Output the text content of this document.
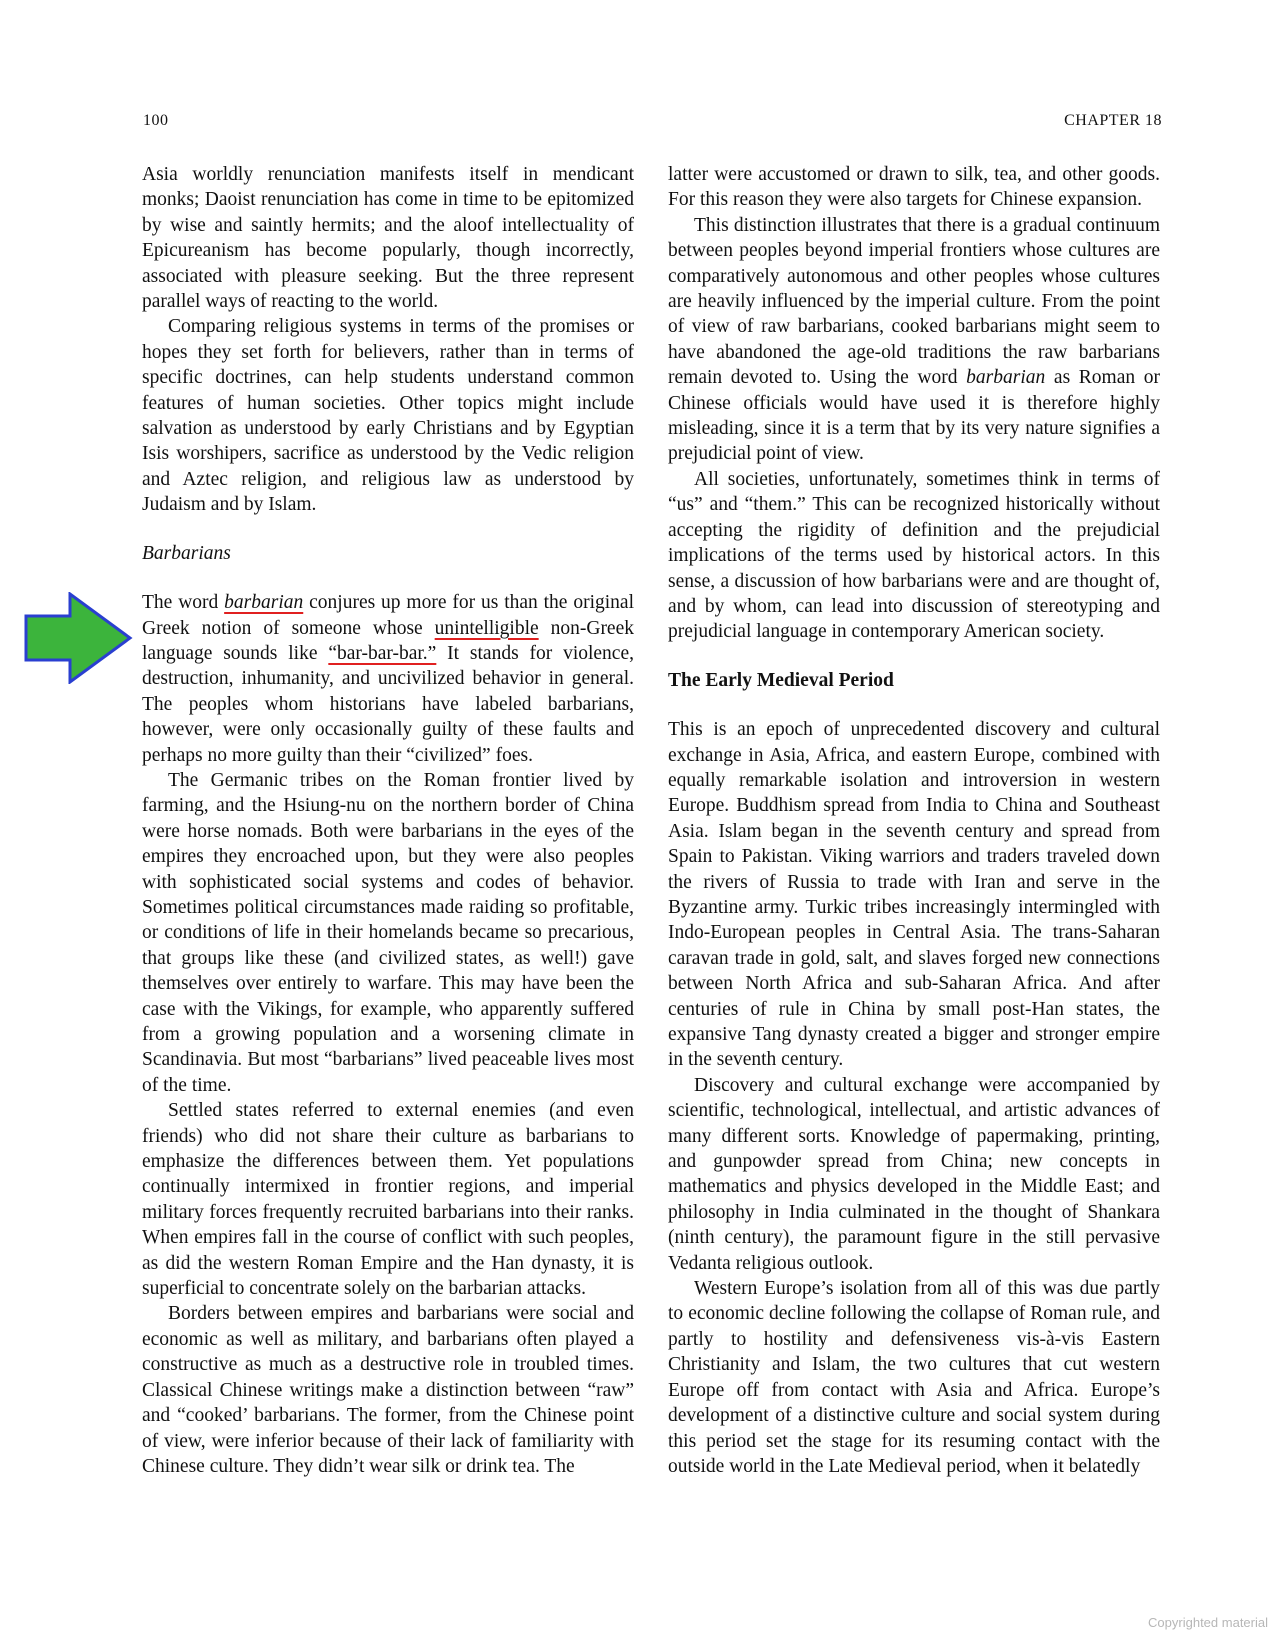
100	CHAPTER 18

Asia worldly renunciation manifests itself in mendicant monks; Daoist renunciation has come in time to be epitomized by wise and saintly hermits; and the aloof intellectuality of Epicureanism has become popularly, though incorrectly, associated with pleasure seeking. But the three represent parallel ways of reacting to the world.

Comparing religious systems in terms of the promises or hopes they set forth for believers, rather than in terms of specific doctrines, can help students understand common features of human societies. Other topics might include salvation as understood by early Christians and by Egyptian Isis worshipers, sacrifice as understood by the Vedic religion and Aztec religion, and religious law as understood by Judaism and by Islam.

Barbarians

The word barbarian conjures up more for us than the original Greek notion of someone whose unintelligible non-Greek language sounds like “bar-bar-bar.” It stands for violence, destruction, inhumanity, and uncivilized behavior in general. The peoples whom historians have labeled barbarians, however, were only occasionally guilty of these faults and perhaps no more guilty than their “civilized” foes.

The Germanic tribes on the Roman frontier lived by farming, and the Hsiung-nu on the northern border of China were horse nomads. Both were barbarians in the eyes of the empires they encroached upon, but they were also peoples with sophisticated social systems and codes of behavior. Sometimes political circumstances made raiding so profitable, or conditions of life in their homelands became so precarious, that groups like these (and civilized states, as well!) gave themselves over entirely to warfare. This may have been the case with the Vikings, for example, who apparently suffered from a growing population and a worsening climate in Scandinavia. But most “barbarians” lived peaceable lives most of the time.

Settled states referred to external enemies (and even friends) who did not share their culture as barbarians to emphasize the differences between them. Yet populations continually intermixed in frontier regions, and imperial military forces frequently recruited barbarians into their ranks. When empires fall in the course of conflict with such peoples, as did the western Roman Empire and the Han dynasty, it is superficial to concentrate solely on the barbarian attacks.

Borders between empires and barbarians were social and economic as well as military, and barbarians often played a constructive as much as a destructive role in troubled times. Classical Chinese writings make a distinction between “raw” and “cooked’ barbarians. The former, from the Chinese point of view, were inferior because of their lack of familiarity with Chinese culture. They didn’t wear silk or drink tea. The

latter were accustomed or drawn to silk, tea, and other goods. For this reason they were also targets for Chinese expansion.

This distinction illustrates that there is a gradual continuum between peoples beyond imperial frontiers whose cultures are comparatively autonomous and other peoples whose cultures are heavily influenced by the imperial culture. From the point of view of raw barbarians, cooked barbarians might seem to have abandoned the age-old traditions the raw barbarians remain devoted to. Using the word barbarian as Roman or Chinese officials would have used it is therefore highly misleading, since it is a term that by its very nature signifies a prejudicial point of view.

All societies, unfortunately, sometimes think in terms of “us” and “them.” This can be recognized historically without accepting the rigidity of definition and the prejudicial implications of the terms used by historical actors. In this sense, a discussion of how barbarians were and are thought of, and by whom, can lead into discussion of stereotyping and prejudicial language in contemporary American society.

The Early Medieval Period

This is an epoch of unprecedented discovery and cultural exchange in Asia, Africa, and eastern Europe, combined with equally remarkable isolation and introversion in western Europe. Buddhism spread from India to China and Southeast Asia. Islam began in the seventh century and spread from Spain to Pakistan. Viking warriors and traders traveled down the rivers of Russia to trade with Iran and serve in the Byzantine army. Turkic tribes increasingly intermingled with Indo-European peoples in Central Asia. The trans-Saharan caravan trade in gold, salt, and slaves forged new connections between North Africa and sub-Saharan Africa. And after centuries of rule in China by small post-Han states, the expansive Tang dynasty created a bigger and stronger empire in the seventh century.

Discovery and cultural exchange were accompanied by scientific, technological, intellectual, and artistic advances of many different sorts. Knowledge of papermaking, printing, and gunpowder spread from China; new concepts in mathematics and physics developed in the Middle East; and philosophy in India culminated in the thought of Shankara (ninth century), the paramount figure in the still pervasive Vedanta religious outlook.

Western Europe’s isolation from all of this was due partly to economic decline following the collapse of Roman rule, and partly to hostility and defensiveness vis-à-vis Eastern Christianity and Islam, the two cultures that cut western Europe off from contact with Asia and Africa. Europe’s development of a distinctive culture and social system during this period set the stage for its resuming contact with the outside world in the Late Medieval period, when it belatedly

Copyrighted material
